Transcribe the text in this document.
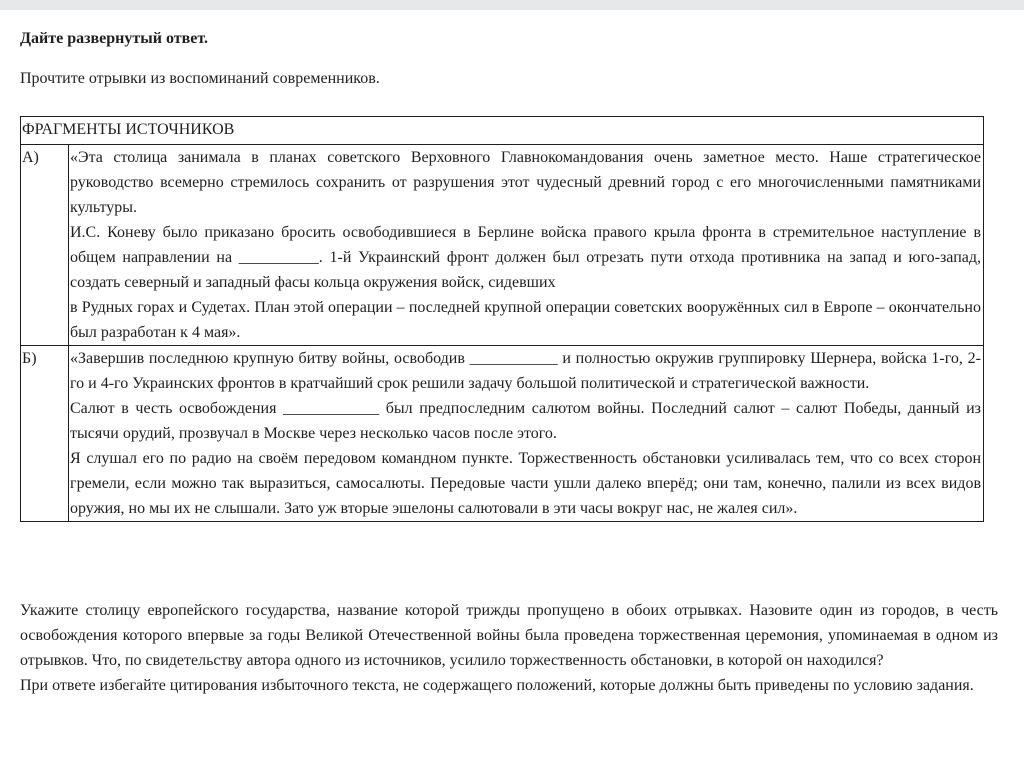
Дайте развернутый ответ.
Прочтите отрывки из воспоминаний современников.
ФРАГМЕНТЫ ИСТОЧНИКОВ	
А)	«Эта столица занимала в планах советского Верховного Главнокомандования очень заметное место. Наше стратегическое руководство всемерно стремилось сохранить от разрушения этот чудесный древний город с его многочисленными памятниками культуры.
И.С. Коневу было приказано бросить освободившиеся в Берлине войска правого крыла фронта в стремительное наступление в общем направлении на __________. 1-й Украинский фронт должен был отрезать пути отхода противника на запад и юго-запад, создать северный и западный фасы кольца окружения войск, сидевших
в Рудных горах и Судетах. План этой операции – последней крупной операции советских вооружённых сил в Европе – окончательно был разработан к 4 мая».

Б)	«Завершив последнюю крупную битву войны, освободив ___________ и полностью окружив группировку Шернера, войска 1-го, 2-го и 4-го Украинских фронтов в кратчайший срок решили задачу большой политической и стратегической важности.
Салют в честь освобождения ____________ был предпоследним салютом войны. Последний салют – салют Победы, данный из тысячи орудий, прозвучал в Москве через несколько часов после этого.
Я слушал его по радио на своём передовом командном пункте. Торжественность обстановки усиливалась тем, что со всех сторон гремели, если можно так выразиться, самосалюты. Передовые части ушли далеко вперёд; они там, конечно, палили из всех видов оружия, но мы их не слышали. Зато уж вторые эшелоны салютовали в эти часы вокруг нас, не жалея сил».

Укажите столицу европейского государства, название которой трижды пропущено в обоих отрывках. Назовите один из городов, в честь освобождения которого впервые за годы Великой Отечественной войны была проведена торжественная церемония, упоминаемая в одном из отрывков. Что, по свидетельству автора одного из источников, усилило торжественность обстановки, в которой он находился?

При ответе избегайте цитирования избыточного текста, не содержащего положений, которые должны быть приведены по условию задания.
